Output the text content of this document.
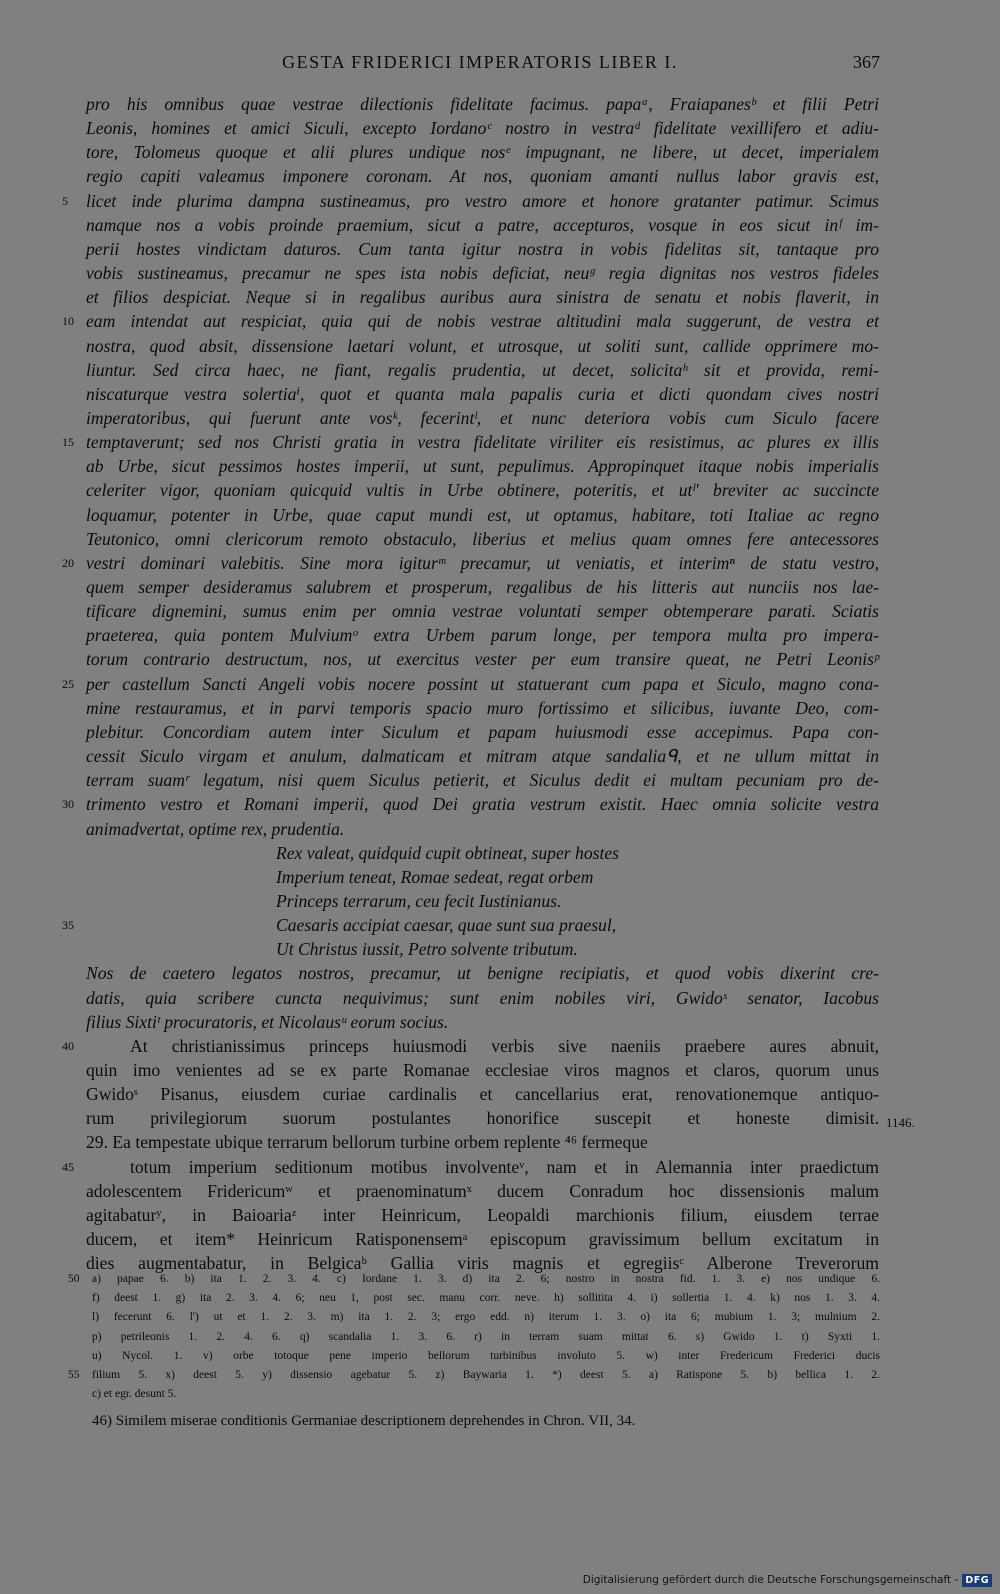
GESTA FRIDERICI IMPERATORIS LIBER I.	367
pro his omnibus quae vestrae dilectionis fidelitate facimus. papaᵃ, Fraiapanesᵇ et filii Petri
Leonis, homines et amici Siculi, excepto Iordanoᶜ nostro in vestraᵈ fidelitate vexillifero et adiu-
tore, Tolomeus quoque et alii plures undique nosᵉ impugnant, ne libere, ut decet, imperialem
regio capiti valeamus imponere coronam. At nos, quoniam amanti nullus labor gravis est,
licet inde plurima dampna sustineamus, pro vestro amore et honore gratanter patimur. Scimus
namque nos a vobis proinde praemium, sicut a patre, accepturos, vosque in eos sicut inᶠ im-
perii hostes vindictam daturos. Cum tanta igitur nostra in vobis fidelitas sit, tantaque pro
vobis sustineamus, precamur ne spes ista nobis deficiat, neuᵍ regia dignitas nos vestros fideles
et filios despiciat. Neque si in regalibus auribus aura sinistra de senatu et nobis flaverit, in
eam intendat aut respiciat, quia qui de nobis vestrae altitudini mala suggerunt, de vestra et
nostra, quod absit, dissensione laetari volunt, et utrosque, ut soliti sunt, callide opprimere mo-
liuntur. Sed circa haec, ne fiant, regalis prudentia, ut decet, solicitaʰ sit et provida, remi-
niscaturque vestra solertiaⁱ, quot et quanta mala papalis curia et dicti quondam cives nostri
imperatoribus, qui fuerunt ante vosᵏ, fecerintˡ, et nunc deteriora vobis cum Siculo facere
temptaverunt; sed nos Christi gratia in vestra fidelitate viriliter eis resistimus, ac plures ex illis
ab Urbe, sicut pessimos hostes imperii, ut sunt, pepulimus. Appropinquet itaque nobis imperialis
celeriter vigor, quoniam quicquid vultis in Urbe obtinere, poteritis, et utˡ' breviter ac succincte
loquamur, potenter in Urbe, quae caput mundi est, ut optamus, habitare, toti Italiae ac regno
Teutonico, omni clericorum remoto obstaculo, liberius et melius quam omnes fere antecessores
vestri dominari valebitis. Sine mora igiturᵐ precamur, ut veniatis, et interimⁿ de statu vestro,
quem semper desideramus salubrem et prosperum, regalibus de his litteris aut nunciis nos lae-
tificare dignemini, sumus enim per omnia vestrae voluntati semper obtemperare parati. Sciatis
praeterea, quia pontem Mulviumᵒ extra Urbem parum longe, per tempora multa pro impera-
torum contrario destructum, nos, ut exercitus vester per eum transire queat, ne Petri Leonisᵖ
per castellum Sancti Angeli vobis nocere possint ut statuerant cum papa et Siculo, magno cona-
mine restauramus, et in parvi temporis spacio muro fortissimo et silicibus, iuvante Deo, com-
plebitur. Concordiam autem inter Siculum et papam huiusmodi esse accepimus. Papa con-
cessit Siculo virgam et anulum, dalmaticam et mitram atque sandaliaᑫ, et ne ullum mittat in
terram suamʳ legatum, nisi quem Siculus petierit, et Siculus dedit ei multam pecuniam pro de-
trimento vestro et Romani imperii, quod Dei gratia vestrum existit. Haec omnia solicite vestra
animadvertat, optime rex, prudentia.
Rex valeat, quidquid cupit obtineat, super hostes
Imperium teneat, Romae sedeat, regat orbem
Princeps terrarum, ceu fecit Iustinianus.
Caesaris accipiat caesar, quae sunt sua praesul,
Ut Christus iussit, Petro solvente tributum.
Nos de caetero legatos nostros, precamur, ut benigne recipiatis, et quod vobis dixerint cre-
datis, quia scribere cuncta nequivimus; sunt enim nobiles viri, Gwidoˢ senator, Iacobus
filius Sixtiᵗ procuratoris, et Nicolausᵘ eorum socius.
At christianissimus princeps huiusmodi verbis sive naeniis praebere aures abnuit,
quin imo venientes ad se ex parte Romanae ecclesiae viros magnos et claros, quorum unus
Gwidoˢ Pisanus, eiusdem curiae cardinalis et cancellarius erat, renovationemque antiquo-
rum privilegiorum suorum postulantes honorifice suscepit et honeste dimisit.
29. Ea tempestate ubique terrarum bellorum turbine orbem replente ⁴⁶ fermeque
totum imperium seditionum motibus involventeᵛ, nam et in Alemannia inter praedictum
adolescentem Fridericumʷ et praenominatumˣ ducem Conradum hoc dissensionis malum
agitabaturʸ, in Baioariaᶻ inter Heinricum, Leopaldi marchionis filium, eiusdem terrae
ducem, et item* Heinricum Ratisponensemᵃ episcopum gravissimum bellum excitatum in
dies augmentabatur, in Belgicaᵇ Gallia viris magnis et egregiisᶜ Alberone Treverorum
5
10
15
20
25
30
35
40
45
1146.
a) papae 6. b) ita 1. 2. 3. 4. c) Iordane 1. 3. d) ita 2. 6; nostro in nostra fid. 1. 3. e) nos undique 6.
f) deest 1. g) ita 2. 3. 4. 6; neu 1, post sec. manu corr. neve. h) sollitita 4. i) sollertia 1. 4. k) nos 1. 3. 4.
l) fecerunt 6. l') ut et 1. 2. 3. m) ita 1. 2. 3; ergo edd. n) iterum 1. 3. o) ita 6; mubium 1. 3; mulnium 2.
p) petrileonis 1. 2. 4. 6. q) scandalia 1. 3. 6. r) in terram suam mittat 6. s) Gwido 1. t) Syxti 1.
u) Nycol. 1. v) orbe totoque pene imperio bellorum turbinibus involuto 5. w) inter Fredericum Frederici ducis
filium 5. x) deest 5. y) dissensio agebatur 5. z) Baywaria 1. *) deest 5. a) Ratispone 5. b) bellica 1. 2.
c) et egr. desunt 5.
50
55
46) Similem miserae conditionis Germaniae descriptionem deprehendes in Chron. VII, 34.
Digitalisierung gefördert durch die Deutsche Forschungsgemeinschaft - DFG
